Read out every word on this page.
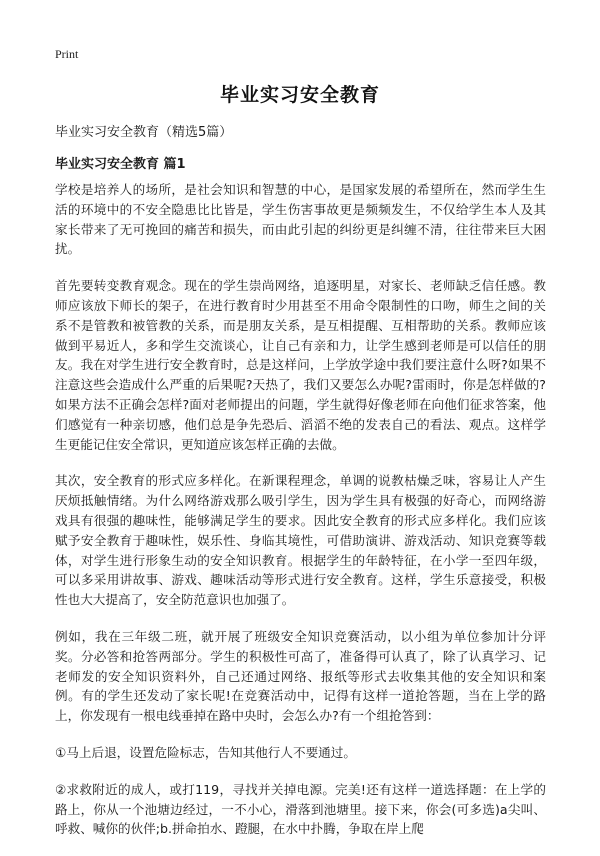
Print
毕业实习安全教育

毕业实习安全教育（精选5篇）

毕业实习安全教育 篇1

学校是培养人的场所，是社会知识和智慧的中心，是国家发展的希望所在，然而学生生活的环境中的不安全隐患比比皆是，学生伤害事故更是频频发生，不仅给学生本人及其家长带来了无可挽回的痛苦和损失，而由此引起的纠纷更是纠缠不清，往往带来巨大困扰。

首先要转变教育观念。现在的学生崇尚网络，追逐明星，对家长、老师缺乏信任感。教师应该放下师长的架子，在进行教育时少用甚至不用命令限制性的口吻，师生之间的关系不是管教和被管教的关系，而是朋友关系，是互相提醒、互相帮助的关系。教师应该做到平易近人，多和学生交流谈心，让自己有亲和力，让学生感到老师是可以信任的朋友。我在对学生进行安全教育时，总是这样问，上学放学途中我们要注意什么呀?如果不注意这些会造成什么严重的后果呢?天热了，我们又要怎么办呢?雷雨时，你是怎样做的?如果方法不正确会怎样?面对老师提出的问题，学生就得好像老师在向他们征求答案，他们感觉有一种亲切感，他们总是争先恐后、滔滔不绝的发表自己的看法、观点。这样学生更能记住安全常识，更知道应该怎样正确的去做。

其次，安全教育的形式应多样化。在新课程理念，单调的说教枯燥乏味，容易让人产生厌烦抵触情绪。为什么网络游戏那么吸引学生，因为学生具有极强的好奇心，而网络游戏具有很强的趣味性，能够满足学生的要求。因此安全教育的形式应多样化。我们应该赋予安全教育于趣味性，娱乐性、身临其境性，可借助演讲、游戏活动、知识竞赛等载体，对学生进行形象生动的安全知识教育。根据学生的年龄特征，在小学一至四年级，可以多采用讲故事、游戏、趣味活动等形式进行安全教育。这样，学生乐意接受，积极性也大大提高了，安全防范意识也加强了。

例如，我在三年级二班，就开展了班级安全知识竞赛活动，以小组为单位参加计分评奖。分必答和抢答两部分。学生的积极性可高了，准备得可认真了，除了认真学习、记老师发的安全知识资料外，自己还通过网络、报纸等形式去收集其他的安全知识和案例。有的学生还发动了家长呢!在竞赛活动中，记得有这样一道抢答题，当在上学的路上，你发现有一根电线垂掉在路中央时，会怎么办?有一个组抢答到：

①马上后退，设置危险标志，告知其他行人不要通过。

②求救附近的成人，或打119，寻找并关掉电源。完美!还有这样一道选择题：在上学的路上，你从一个池塘边经过，一不小心，滑落到池塘里。接下来，你会(可多选)a尖叫、呼救、喊你的伙伴;b.拼命拍水、蹬腿，在水中扑腾，争取在岸上爬
